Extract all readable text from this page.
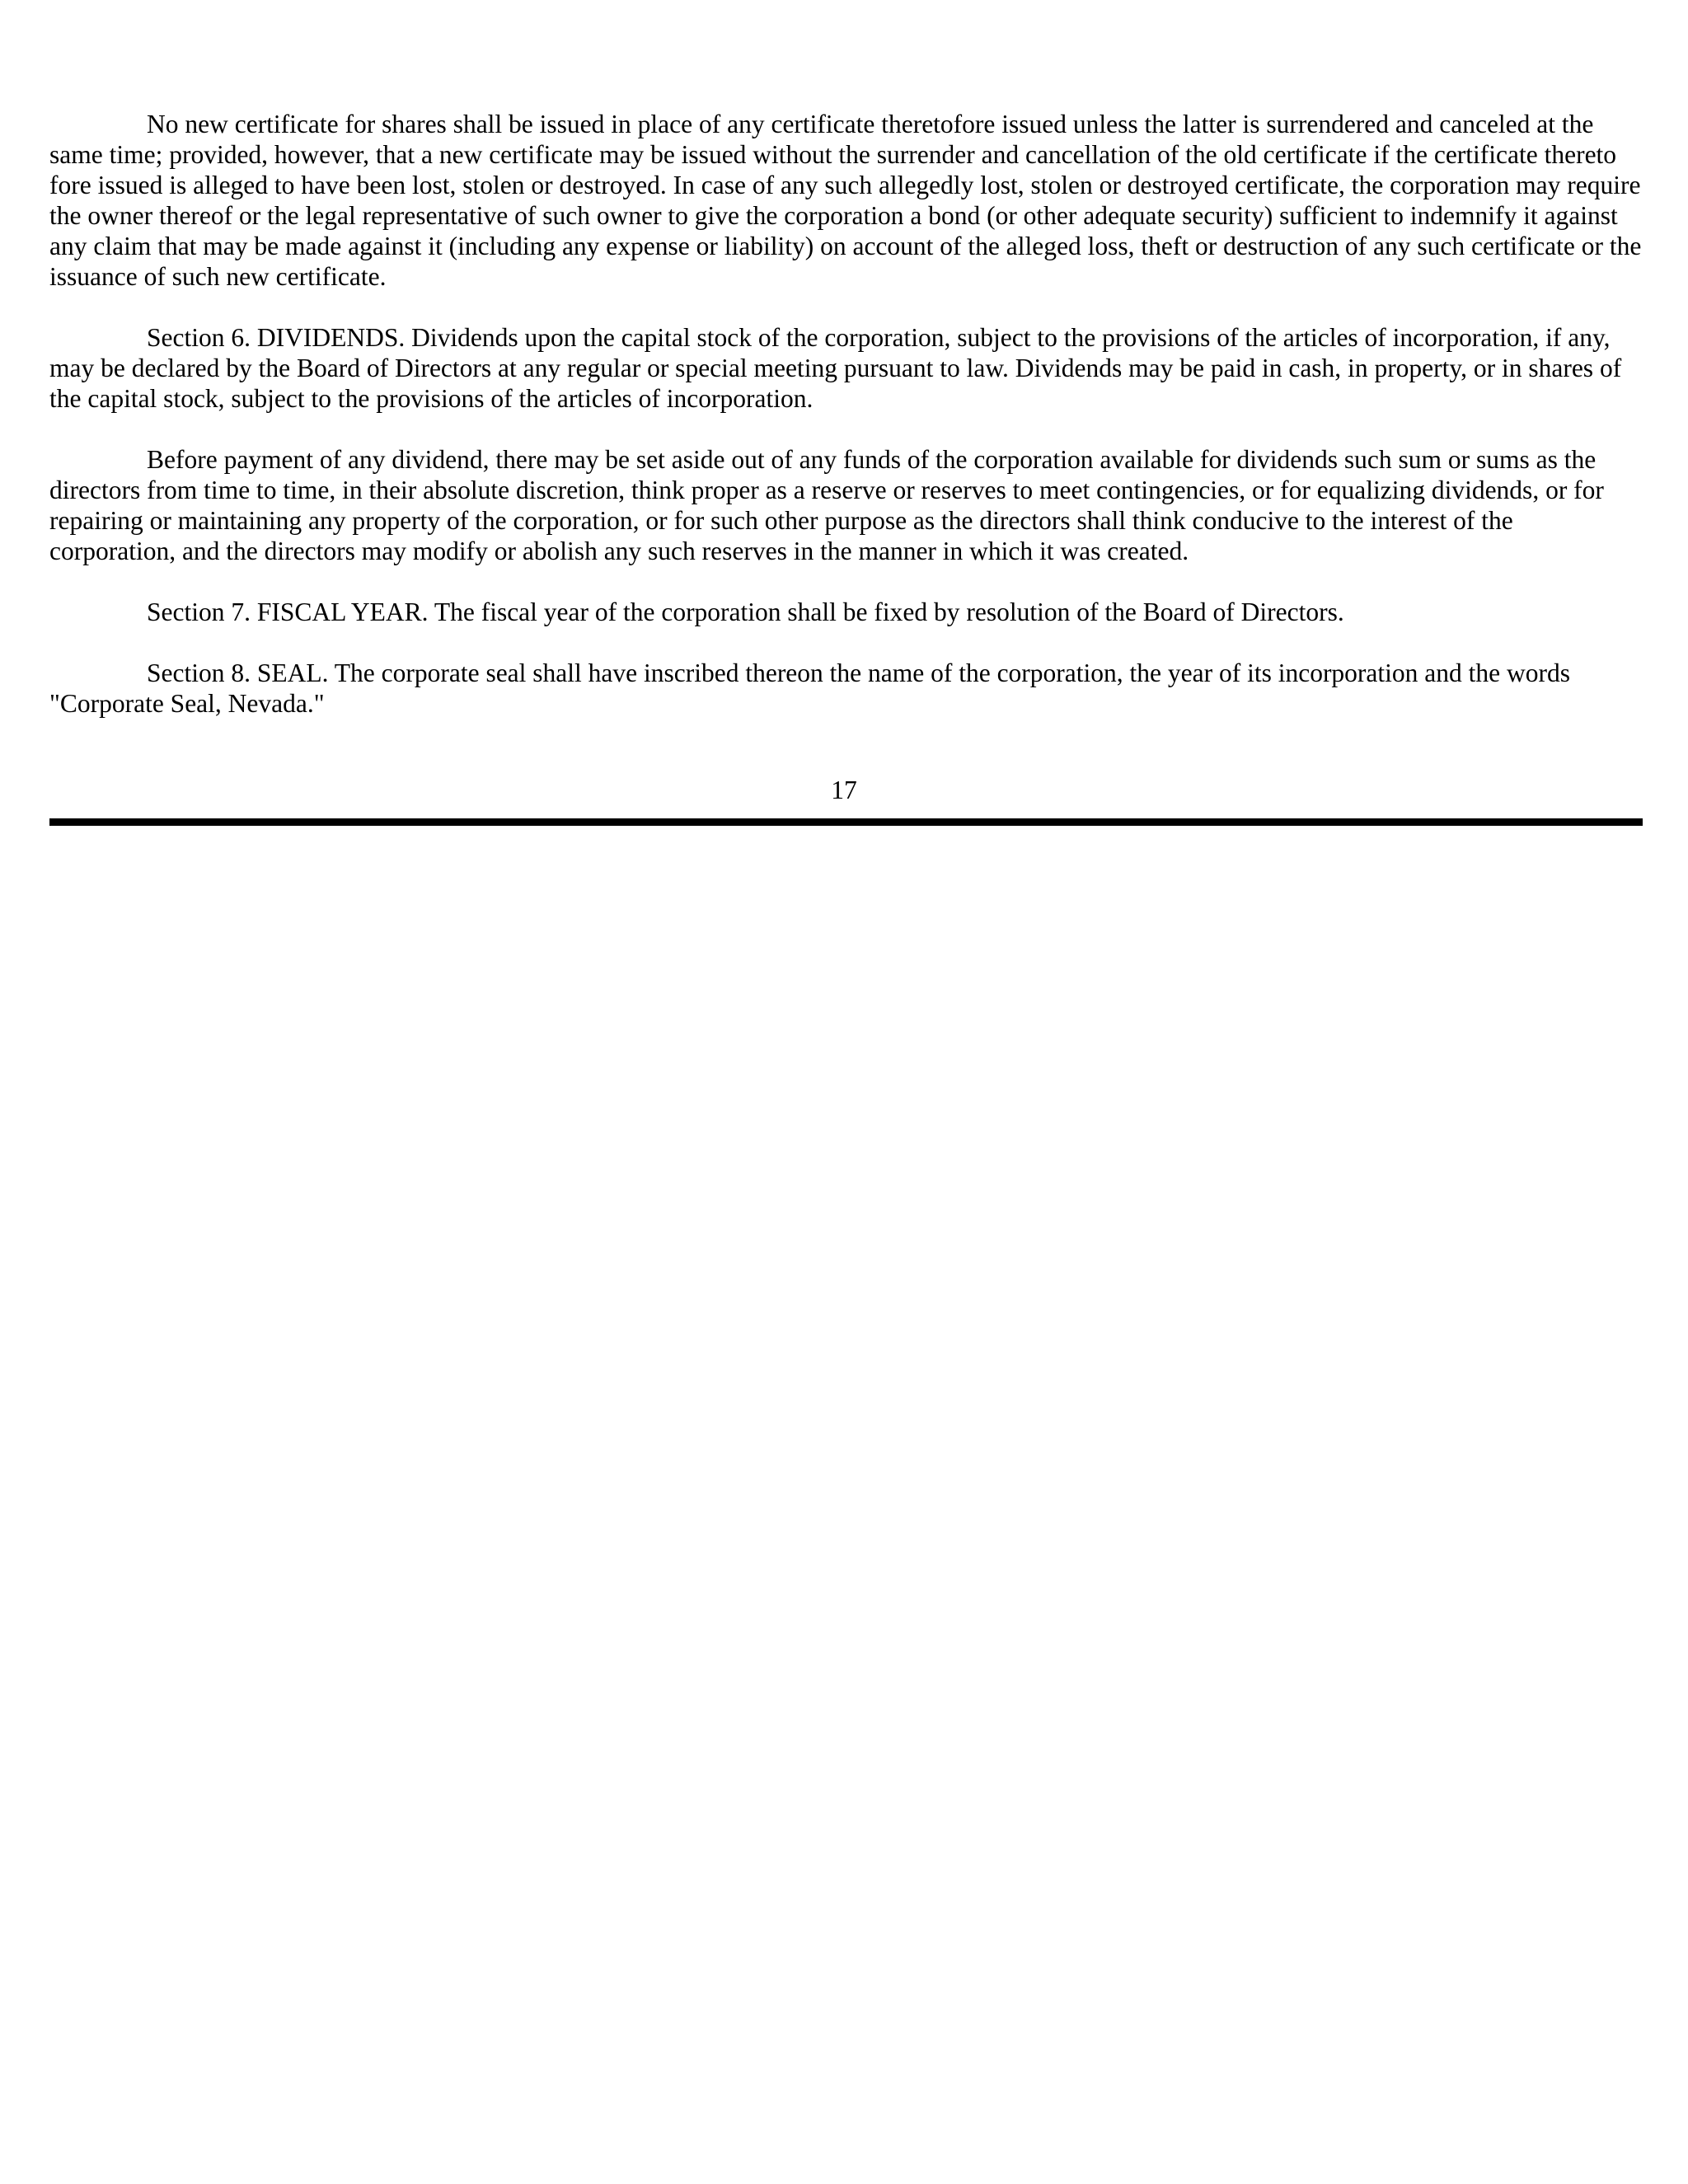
No new certificate for shares shall be issued in place of any certificate theretofore issued unless the latter is surrendered and canceled at the same time; provided, however, that a new certificate may be issued without the surrender and cancellation of the old certificate if the certificate thereto fore issued is alleged to have been lost, stolen or destroyed. In case of any such allegedly lost, stolen or destroyed certificate, the corporation may require the owner thereof or the legal representative of such owner to give the corporation a bond (or other adequate security) sufficient to indemnify it against any claim that may be made against it (including any expense or liability) on account of the alleged loss, theft or destruction of any such certificate or the issuance of such new certificate.

Section 6. DIVIDENDS. Dividends upon the capital stock of the corporation, subject to the provisions of the articles of incorporation, if any, may be declared by the Board of Directors at any regular or special meeting pursuant to law. Dividends may be paid in cash, in property, or in shares of the capital stock, subject to the provisions of the articles of incorporation.

Before payment of any dividend, there may be set aside out of any funds of the corporation available for dividends such sum or sums as the directors from time to time, in their absolute discretion, think proper as a reserve or reserves to meet contingencies, or for equalizing dividends, or for repairing or maintaining any property of the corporation, or for such other purpose as the directors shall think conducive to the interest of the corporation, and the directors may modify or abolish any such reserves in the manner in which it was created.

Section 7. FISCAL YEAR. The fiscal year of the corporation shall be fixed by resolution of the Board of Directors.

Section 8. SEAL. The corporate seal shall have inscribed thereon the name of the corporation, the year of its incorporation and the words "Corporate Seal, Nevada."

17
